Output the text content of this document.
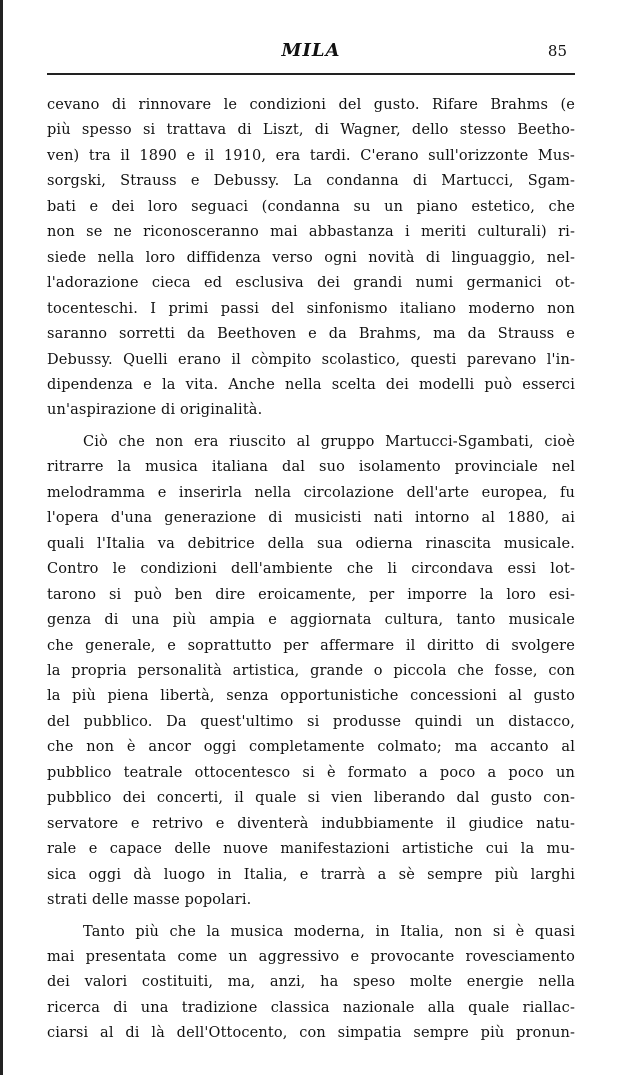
MILA	85

cevano di rinnovare le condizioni del gusto. Rifare Brahms (e
più spesso si trattava di Liszt, di Wagner, dello stesso Beetho-
ven) tra il 1890 e il 1910, era tardi. C'erano sull'orizzonte Mus-
sorgski, Strauss e Debussy. La condanna di Martucci, Sgam-
bati e dei loro seguaci (condanna su un piano estetico, che
non se ne riconosceranno mai abbastanza i meriti culturali) ri-
siede nella loro diffidenza verso ogni novità di linguaggio, nel-
l'adorazione cieca ed esclusiva dei grandi numi germanici ot-
tocenteschi. I primi passi del sinfonismo italiano moderno non
saranno sorretti da Beethoven e da Brahms, ma da Strauss e
Debussy. Quelli erano il còmpito scolastico, questi parevano l'in-
dipendenza e la vita. Anche nella scelta dei modelli può esserci
un'aspirazione di originalità.

Ciò che non era riuscito al gruppo Martucci-Sgambati, cioè
ritrarre la musica italiana dal suo isolamento provinciale nel
melodramma e inserirla nella circolazione dell'arte europea, fu
l'opera d'una generazione di musicisti nati intorno al 1880, ai
quali l'Italia va debitrice della sua odierna rinascita musicale.
Contro le condizioni dell'ambiente che li circondava essi lot-
tarono si può ben dire eroicamente, per imporre la loro esi-
genza di una più ampia e aggiornata cultura, tanto musicale
che generale, e soprattutto per affermare il diritto di svolgere
la propria personalità artistica, grande o piccola che fosse, con
la più piena libertà, senza opportunistiche concessioni al gusto
del pubblico. Da quest'ultimo si produsse quindi un distacco,
che non è ancor oggi completamente colmato; ma accanto al
pubblico teatrale ottocentesco si è formato a poco a poco un
pubblico dei concerti, il quale si vien liberando dal gusto con-
servatore e retrivo e diventerà indubbiamente il giudice natu-
rale e capace delle nuove manifestazioni artistiche cui la mu-
sica oggi dà luogo in Italia, e trarrà a sè sempre più larghi
strati delle masse popolari.

Tanto più che la musica moderna, in Italia, non si è quasi
mai presentata come un aggressivo e provocante rovesciamento
dei valori costituiti, ma, anzi, ha speso molte energie nella
ricerca di una tradizione classica nazionale alla quale riallac-
ciarsi al di là dell'Ottocento, con simpatia sempre più pronun-
